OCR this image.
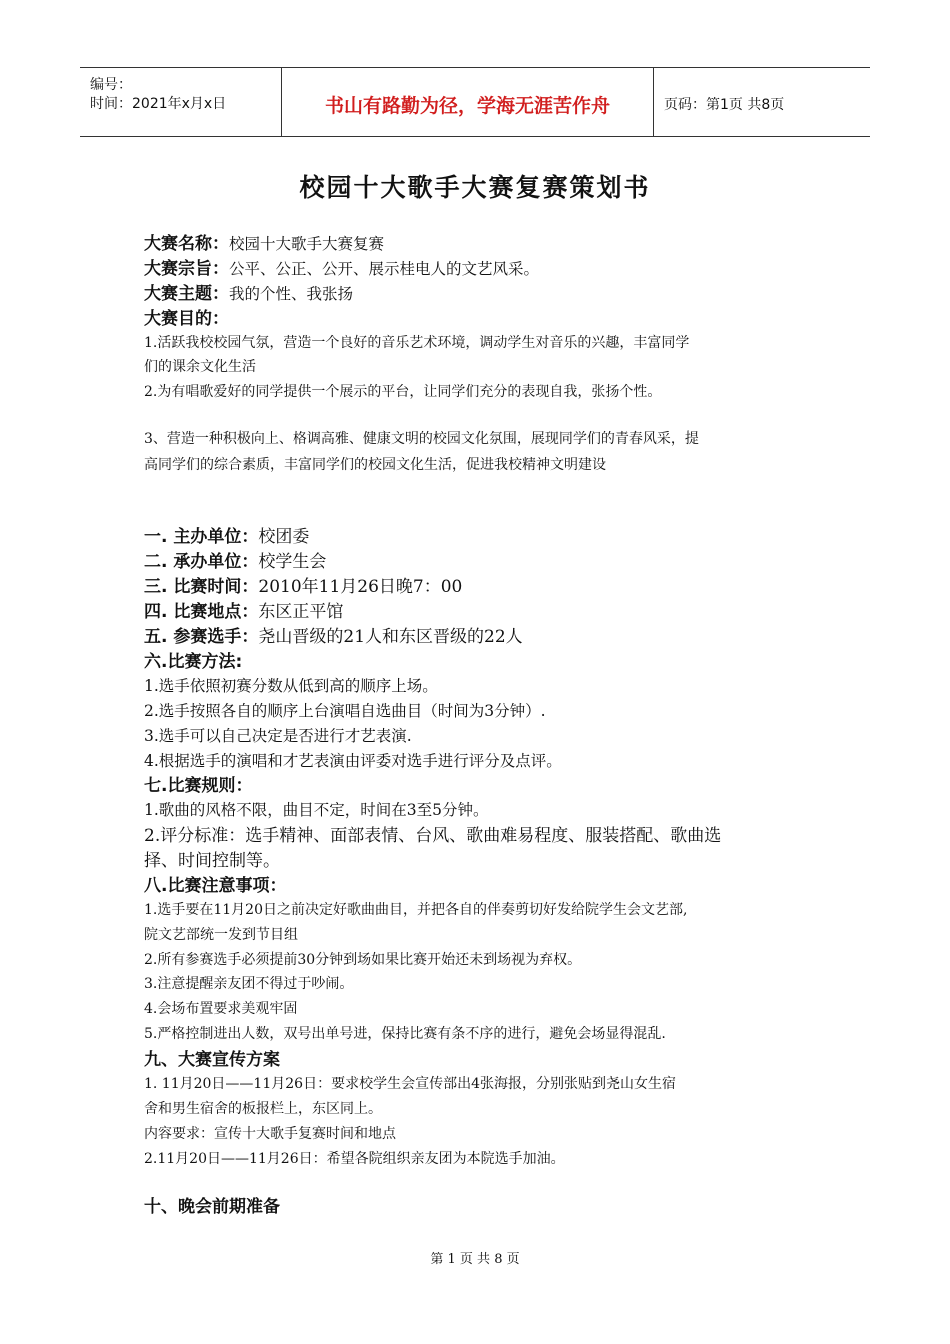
编号：
时间：2021年x月x日	书山有路勤为径，学海无涯苦作舟	页码：第1页 共8页
校园十大歌手大赛复赛策划书
大赛名称：校园十大歌手大赛复赛
大赛宗旨：公平、公正、公开、展示桂电人的文艺风采。
大赛主题：我的个性、我张扬
大赛目的：
1.活跃我校校园气氛，营造一个良好的音乐艺术环境，调动学生对音乐的兴趣，丰富同学
们的课余文化生活
2.为有唱歌爱好的同学提供一个展示的平台，让同学们充分的表现自我，张扬个性。
3、营造一种积极向上、格调高雅、健康文明的校园文化氛围，展现同学们的青春风采，提
高同学们的综合素质，丰富同学们的校园文化生活，促进我校精神文明建设
一. 主办单位：校团委
二. 承办单位：校学生会
三. 比赛时间：2010年11月26日晚7：00
四. 比赛地点：东区正平馆
五. 参赛选手：尧山晋级的21人和东区晋级的22人
六.比赛方法:
1.选手依照初赛分数从低到高的顺序上场。
2.选手按照各自的顺序上台演唱自选曲目（时间为3分钟）.
3.选手可以自己决定是否进行才艺表演.
4.根据选手的演唱和才艺表演由评委对选手进行评分及点评。
七.比赛规则：
1.歌曲的风格不限，曲目不定，时间在3至5分钟。
2.评分标准：选手精神、面部表情、台风、歌曲难易程度、服装搭配、歌曲选
择、时间控制等。
八.比赛注意事项：
1.选手要在11月20日之前决定好歌曲曲目，并把各自的伴奏剪切好发给院学生会文艺部,
院文艺部统一发到节目组
2.所有参赛选手必须提前30分钟到场如果比赛开始还未到场视为弃权。
3.注意提醒亲友团不得过于吵闹。
4.会场布置要求美观牢固
5.严格控制进出人数，双号出单号进，保持比赛有条不序的进行，避免会场显得混乱.
九、大赛宣传方案
1. 11月20日——11月26日：要求校学生会宣传部出4张海报，分别张贴到尧山女生宿
舍和男生宿舍的板报栏上，东区同上。
内容要求：宣传十大歌手复赛时间和地点
2.11月20日——11月26日：希望各院组织亲友团为本院选手加油。
十、晚会前期准备
第 1 页 共 8 页
